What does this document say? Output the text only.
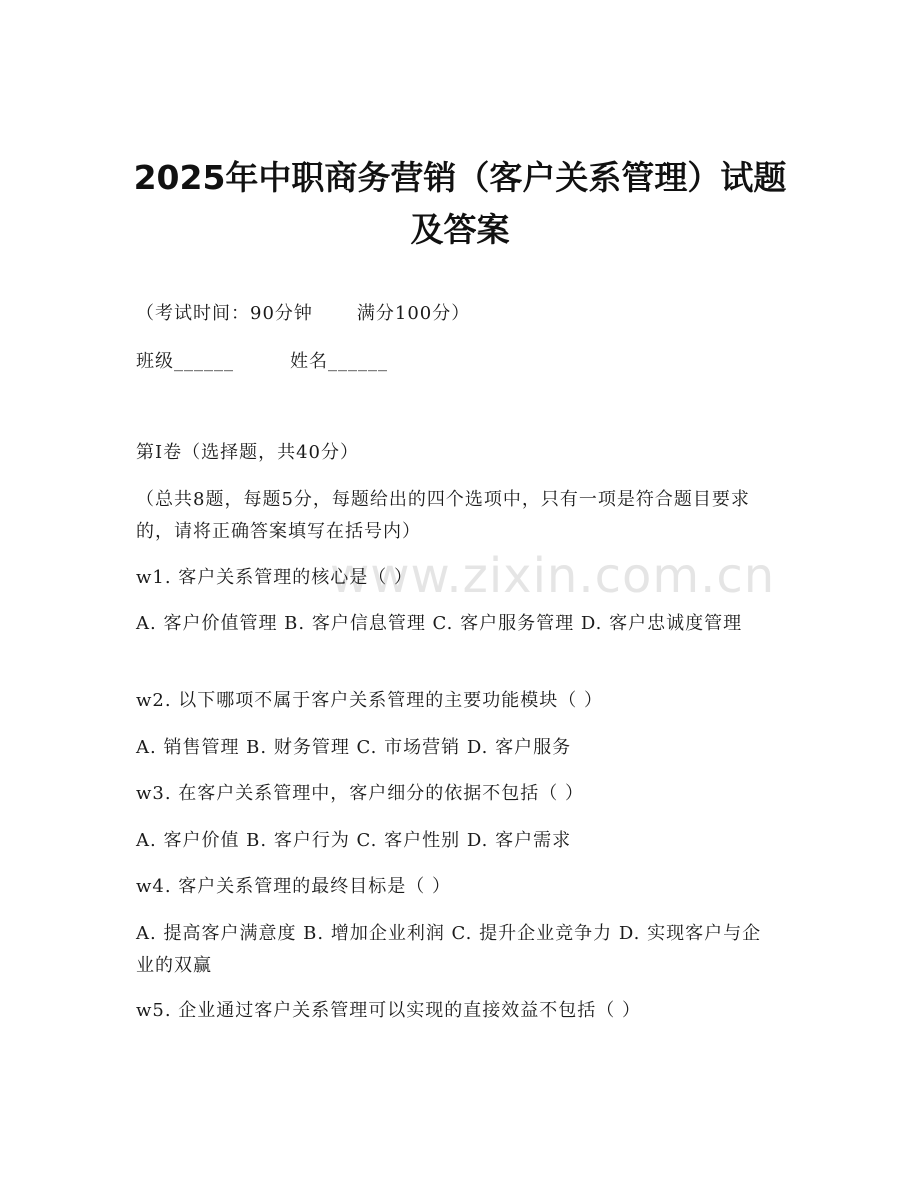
www.zixin.com.cn
2025年中职商务营销（客户关系管理）试题
及答案
（考试时间：90分钟 满分100分）
班级______	姓名______
第Ⅰ卷（选择题，共40分）
（总共8题，每题5分，每题给出的四个选项中，只有一项是符合题目要求的，请将正确答案填写在括号内）
w1. 客户关系管理的核心是（ ）
A. 客户价值管理 B. 客户信息管理 C. 客户服务管理 D. 客户忠诚度管理
w2. 以下哪项不属于客户关系管理的主要功能模块（ ）
A. 销售管理 B. 财务管理 C. 市场营销 D. 客户服务
w3. 在客户关系管理中，客户细分的依据不包括（ ）
A. 客户价值 B. 客户行为 C. 客户性别 D. 客户需求
w4. 客户关系管理的最终目标是（ ）
A. 提高客户满意度 B. 增加企业利润 C. 提升企业竞争力 D. 实现客户与企业的双赢
w5. 企业通过客户关系管理可以实现的直接效益不包括（ ）
